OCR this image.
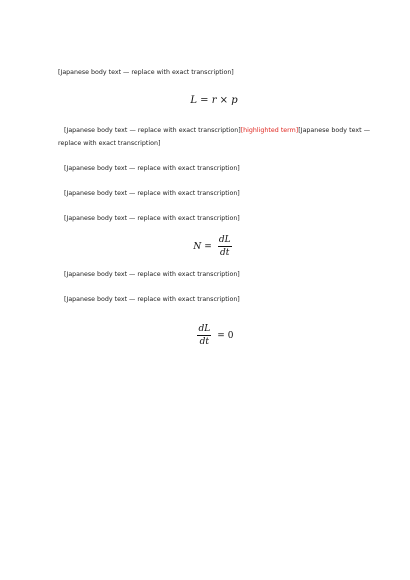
[Japanese body text — replace with exact transcription]

L = r × p

[Japanese body text — replace with exact transcription][highlighted term][Japanese body text — replace with exact transcription]

[Japanese body text — replace with exact transcription]

[Japanese body text — replace with exact transcription]

[Japanese body text — replace with exact transcription]

$N = \frac{dL}{dt}$

[Japanese body text — replace with exact transcription]

[Japanese body text — replace with exact transcription]

$\frac{dL}{dt} = 0$
